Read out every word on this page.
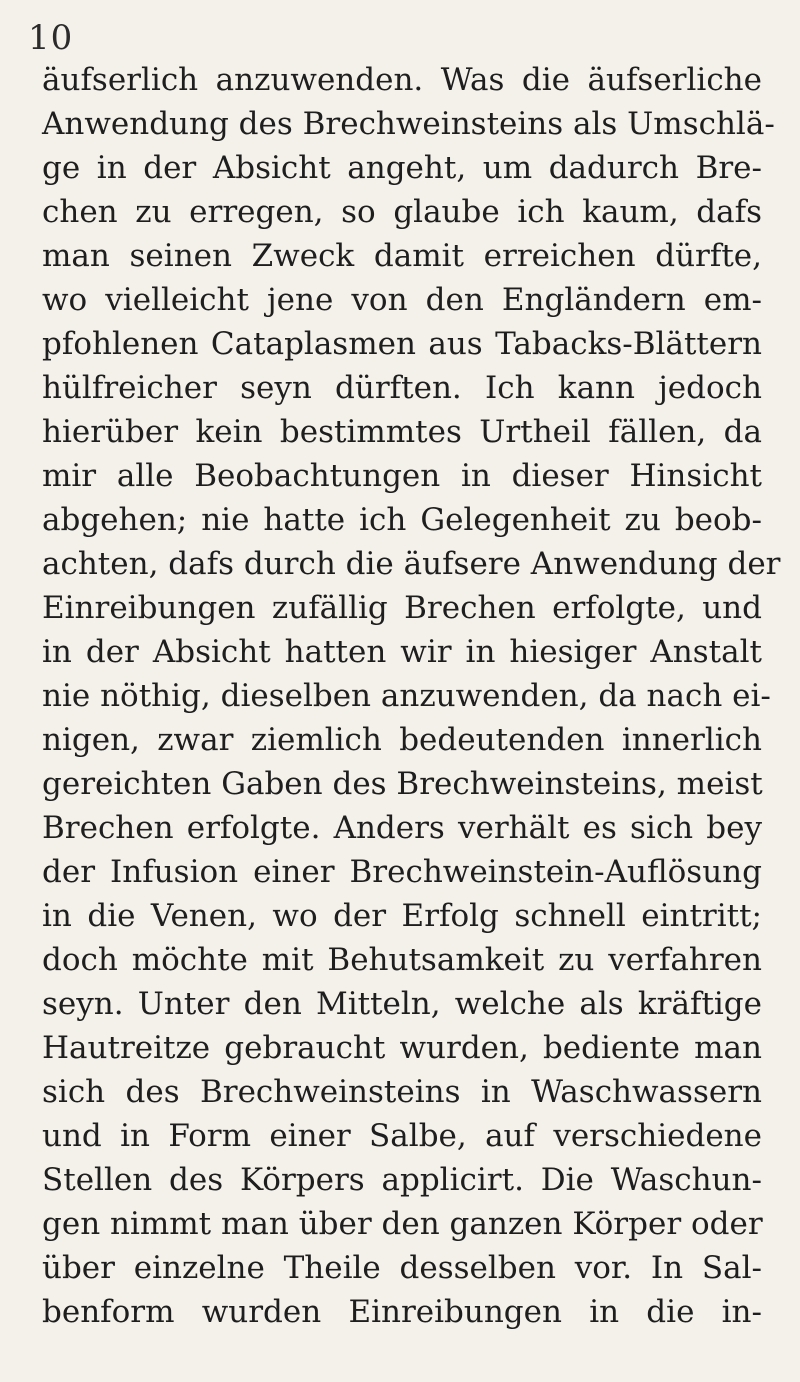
10
äufserlich anzuwenden. Was die äufserliche
Anwendung des Brechweinsteins als Umschlä-
ge in der Absicht angeht, um dadurch Bre-
chen zu erregen, so glaube ich kaum, dafs
man seinen Zweck damit erreichen dürfte,
wo vielleicht jene von den Engländern em-
pfohlenen Cataplasmen aus Tabacks-Blättern
hülfreicher seyn dürften. Ich kann jedoch
hierüber kein bestimmtes Urtheil fällen, da
mir alle Beobachtungen in dieser Hinsicht
abgehen; nie hatte ich Gelegenheit zu beob-
achten, dafs durch die äufsere Anwendung der
Einreibungen zufällig Brechen erfolgte, und
in der Absicht hatten wir in hiesiger Anstalt
nie nöthig, dieselben anzuwenden, da nach ei-
nigen, zwar ziemlich bedeutenden innerlich
gereichten Gaben des Brechweinsteins, meist
Brechen erfolgte. Anders verhält es sich bey
der Infusion einer Brechweinstein-Auflösung
in die Venen, wo der Erfolg schnell eintritt;
doch möchte mit Behutsamkeit zu verfahren
seyn. Unter den Mitteln, welche als kräftige
Hautreitze gebraucht wurden, bediente man
sich des Brechweinsteins in Waschwassern
und in Form einer Salbe, auf verschiedene
Stellen des Körpers applicirt. Die Waschun-
gen nimmt man über den ganzen Körper oder
über einzelne Theile desselben vor. In Sal-
benform wurden Einreibungen in die in-
